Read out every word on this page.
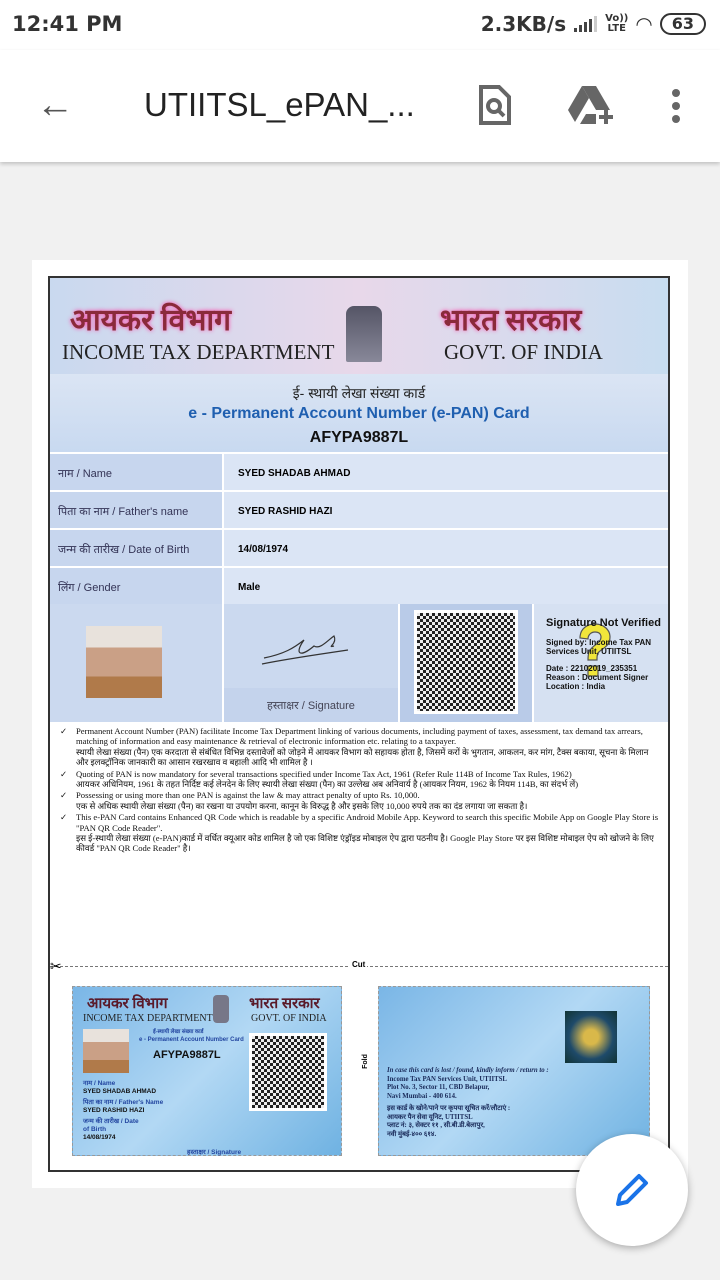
12:41 PM	2.3KB/s	Vo))
LTE ◠	63
← UTIITSL_ePAN_...
आयकर विभाग
INCOME TAX DEPARTMENT
भारत सरकार
GOVT. OF INDIA
ई- स्थायी लेखा संख्या कार्ड
e - Permanent Account Number (e-PAN) Card
AFYPA9887L
नाम / Name	SYED SHADAB AHMAD
पिता का नाम / Father's name	SYED RASHID HAZI
जन्म की तारीख / Date of Birth	14/08/1974
लिंग / Gender	Male
हस्ताक्षर / Signature
Signature Not Verified
Signed by: Income Tax PAN Services Unit, UTIITSL
Date : 22102019_235351
Reason : Document Signer
Location : India
✓ Permanent Account Number (PAN) facilitate Income Tax Department linking of various documents, including payment of taxes, assessment, tax demand tax arrears, matching of information and easy maintenance & retrieval of electronic information etc. relating to a taxpayer.
स्थायी लेखा संख्या (पैन) एक करदाता से संबंधित विभिन्न दस्तावेजों को जोड़ने में आयकर विभाग को सहायक होता है, जिसमें करों के भुगतान, आकलन, कर मांग, टैक्स बकाया, सूचना के मिलान और इलक्ट्रॉनिक जानकारी का आसान रखरखाव व बहाली आदि भी शामिल है ।
✓ Quoting of PAN is now mandatory for several transactions specified under Income Tax Act, 1961 (Refer Rule 114B of Income Tax Rules, 1962)
आयकर अधिनियम, 1961 के तहत निर्दिष्ट कई लेनदेन के लिए स्थायी लेखा संख्या (पैन) का उल्लेख अब अनिवार्य है (आयकर नियम, 1962 के नियम 114B, का संदर्भ लें)
✓ Possessing or using more than one PAN is against the law & may attract penalty of upto Rs. 10,000.
एक से अधिक स्थायी लेखा संख्या (पैन) का रखना या उपयोग करना, कानून के विरुद्ध है और इसके लिए 10,000 रुपये तक का दंड लगाया जा सकता है।
✓ This e-PAN Card contains Enhanced QR Code which is readable by a specific Android Mobile App. Keyword to search this specific Mobile App on Google Play Store is "PAN QR Code Reader".
इस ई-स्थायी लेखा संख्या (e-PAN)कार्ड में वर्धित क्यूआर कोड शामिल है जो एक विशिष्ट एंड्रॉइड मोबाइल ऐप द्वारा पठनीय है। Google Play Store पर इस विशिष्ट मोबाइल ऐप को खोजने के लिए कीवर्ड "PAN QR Code Reader" है।
✂	Cut
Fold
आयकर विभाग
INCOME TAX DEPARTMENT
भारत सरकार
GOVT. OF INDIA
ई-स्थायी लेखा संख्या कार्ड
e - Permanent Account Number Card
AFYPA9887L
नाम / Name
SYED SHADAB AHMAD
पिता का नाम / Father's Name
SYED RASHID HAZI
जन्म की तारीख / Date of Birth
14/08/1974
हस्ताक्षर / Signature
In case this card is lost / found, kindly inform / return to :
Income Tax PAN Services Unit, UTIITSL
Plot No. 3, Sector 11, CBD Belapur,
Navi Mumbai - 400 614.
इस कार्ड के खोने/पाने पर कृपया सूचित करें/लौटाएं :
आयकर पैन सेवा यूनिट, UTIITSL
प्लाट नं: ३, सेक्टर ११ , सी.बी.डी.बेलापुर,
नवी मुंबई-४०० ६१४.
